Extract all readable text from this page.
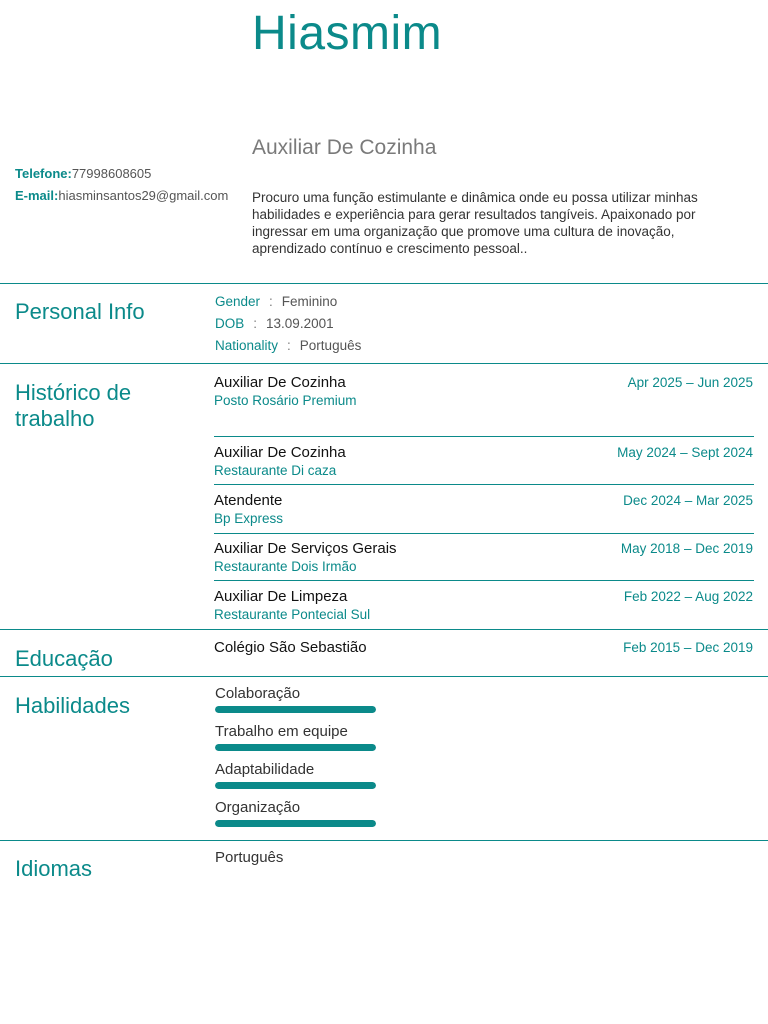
Hiasmim
Auxiliar De Cozinha
Telefone:77998608605
E-mail:hiasminsantos29@gmail.com Procuro uma função estimulante e dinâmica onde eu possa utilizar minhas habilidades e experiência para gerar resultados tangíveis. Apaixonado por ingressar em uma organização que promove uma cultura de inovação, aprendizado contínuo e crescimento pessoal..
Personal Info	Gender : Feminino
DOB : 13.09.2001
Nationality : Português
Histórico de trabalho
Auxiliar De Cozinha
Posto Rosário Premium
Apr 2025 – Jun 2025
Auxiliar De Cozinha
Restaurante Di caza
May 2024 – Sept 2024
Atendente
Bp Express
Dec 2024 – Mar 2025
Auxiliar De Serviços Gerais
Restaurante Dois Irmão
May 2018 – Dec 2019
Auxiliar De Limpeza
Restaurante Pontecial Sul
Feb 2022 – Aug 2022
Educação	Colégio São Sebastião	Feb 2015 – Dec 2019
Habilidades	Colaboração
Trabalho em equipe
Adaptabilidade
Organização
Idiomas	Português
